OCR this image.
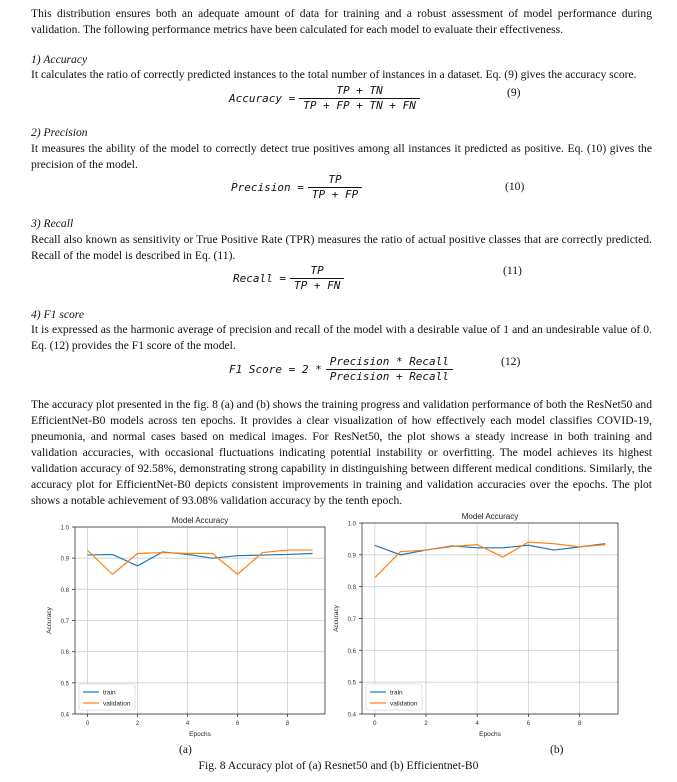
This distribution ensures both an adequate amount of data for training and a robust assessment of model performance during validation. The following performance metrics have been calculated for each model to evaluate their effectiveness.

1) Accuracy

It calculates the ratio of correctly predicted instances to the total number of instances in a dataset. Eq. (9) gives the accuracy score.

Accuracy = $\frac{TP + TN}{TP + FP + TN + FN}$	(9)

2) Precision

It measures the ability of the model to correctly detect true positives among all instances it predicted as positive. Eq. (10) gives the precision of the model.

Precision = $\frac{TP}{TP + FP}$	(10)

3) Recall

Recall also known as sensitivity or True Positive Rate (TPR) measures the ratio of actual positive classes that are correctly predicted. Recall of the model is described in Eq. (11).

Recall = $\frac{TP}{TP + FN}$	(11)

4) F1 score

It is expressed as the harmonic average of precision and recall of the model with a desirable value of 1 and an undesirable value of 0. Eq. (12) provides the F1 score of the model.

F1 Score = $2 * \frac{\text{Precision * Recall}}{\text{Precision + Recall}}$	(12)

The accuracy plot presented in the fig. 8 (a) and (b) shows the training progress and validation performance of both the ResNet50 and EfficientNet-B0 models across ten epochs. It provides a clear visualization of how effectively each model classifies COVID-19, pneumonia, and normal cases based on medical images. For ResNet50, the plot shows a steady increase in both training and validation accuracies, with occasional fluctuations indicating potential instability or overfitting. The model achieves its highest validation accuracy of 92.58%, demonstrating strong capability in distinguishing between different medical conditions. Similarly, the accuracy plot for EfficientNet-B0 depicts consistent improvements in training and validation accuracies over the epochs. The plot shows a notable achievement of 93.08% validation accuracy by the tenth epoch.

0.4
0.5
0.6
0.7
0.8
0.9
1.0
0	2	4	6	8
Model Accuracy
Epochs
Accuracy
train
validation
0.4
0.5
0.6
0.7
0.8
0.9
1.0
0	2	4	6	8
Model Accuracy
Epochs
Accuracy
train
validation
(a)	(b)
Fig. 8 Accuracy plot of (a) Resnet50 and (b) Efficientnet-B0
